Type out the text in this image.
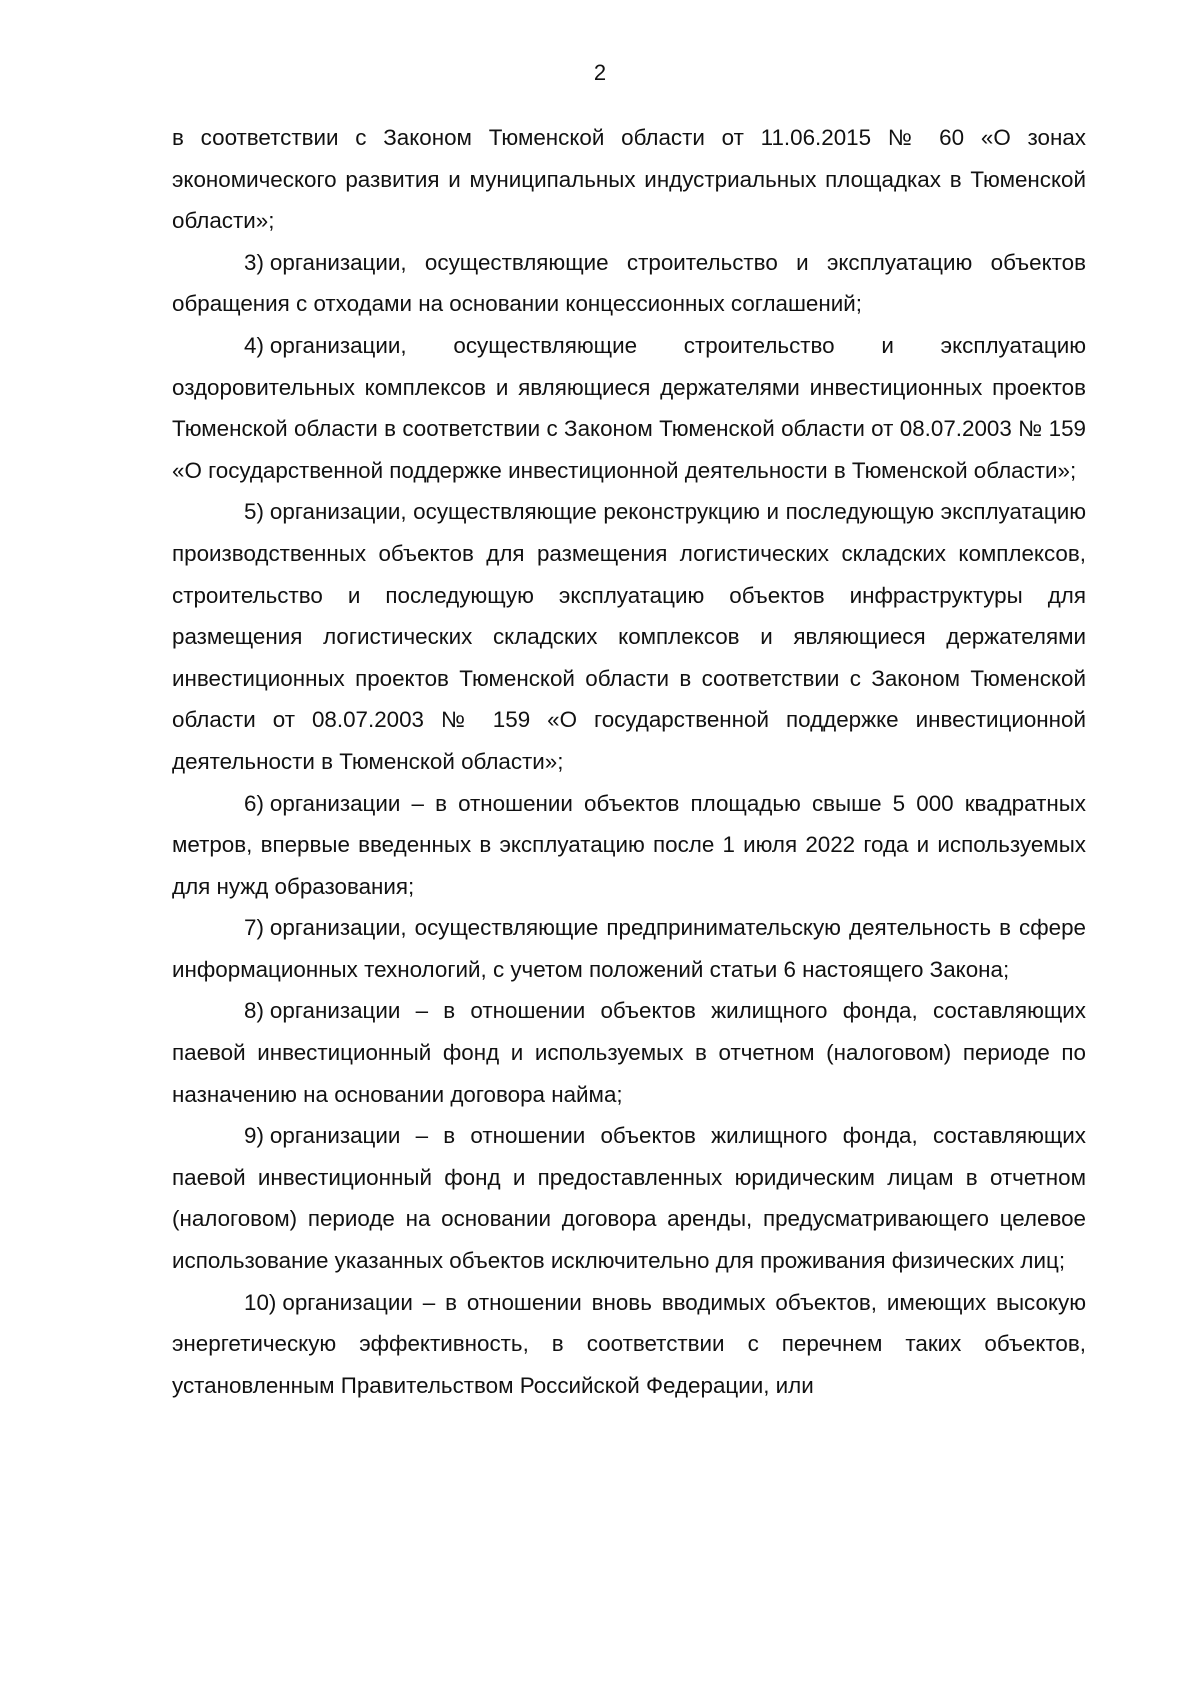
2

в соответствии с Законом Тюменской области от 11.06.2015 № 60 «О зонах экономического развития и муниципальных индустриальных площадках в Тюменской области»;

3) организации, осуществляющие строительство и эксплуатацию объектов обращения с отходами на основании концессионных соглашений;

4) организации, осуществляющие строительство и эксплуатацию оздоровительных комплексов и являющиеся держателями инвестиционных проектов Тюменской области в соответствии с Законом Тюменской области от 08.07.2003 № 159 «О государственной поддержке инвестиционной деятельности в Тюменской области»;

5) организации, осуществляющие реконструкцию и последующую эксплуатацию производственных объектов для размещения логистических складских комплексов, строительство и последующую эксплуатацию объектов инфраструктуры для размещения логистических складских комплексов и являющиеся держателями инвестиционных проектов Тюменской области в соответствии с Законом Тюменской области от 08.07.2003 № 159 «О государственной поддержке инвестиционной деятельности в Тюменской области»;

6) организации – в отношении объектов площадью свыше 5 000 квадратных метров, впервые введенных в эксплуатацию после 1 июля 2022 года и используемых для нужд образования;

7) организации, осуществляющие предпринимательскую деятельность в сфере информационных технологий, с учетом положений статьи 6 настоящего Закона;

8) организации – в отношении объектов жилищного фонда, составляющих паевой инвестиционный фонд и используемых в отчетном (налоговом) периоде по назначению на основании договора найма;

9) организации – в отношении объектов жилищного фонда, составляющих паевой инвестиционный фонд и предоставленных юридическим лицам в отчетном (налоговом) периоде на основании договора аренды, предусматривающего целевое использование указанных объектов исключительно для проживания физических лиц;

10) организации – в отношении вновь вводимых объектов, имеющих высокую энергетическую эффективность, в соответствии с перечнем таких объектов, установленным Правительством Российской Федерации, или
